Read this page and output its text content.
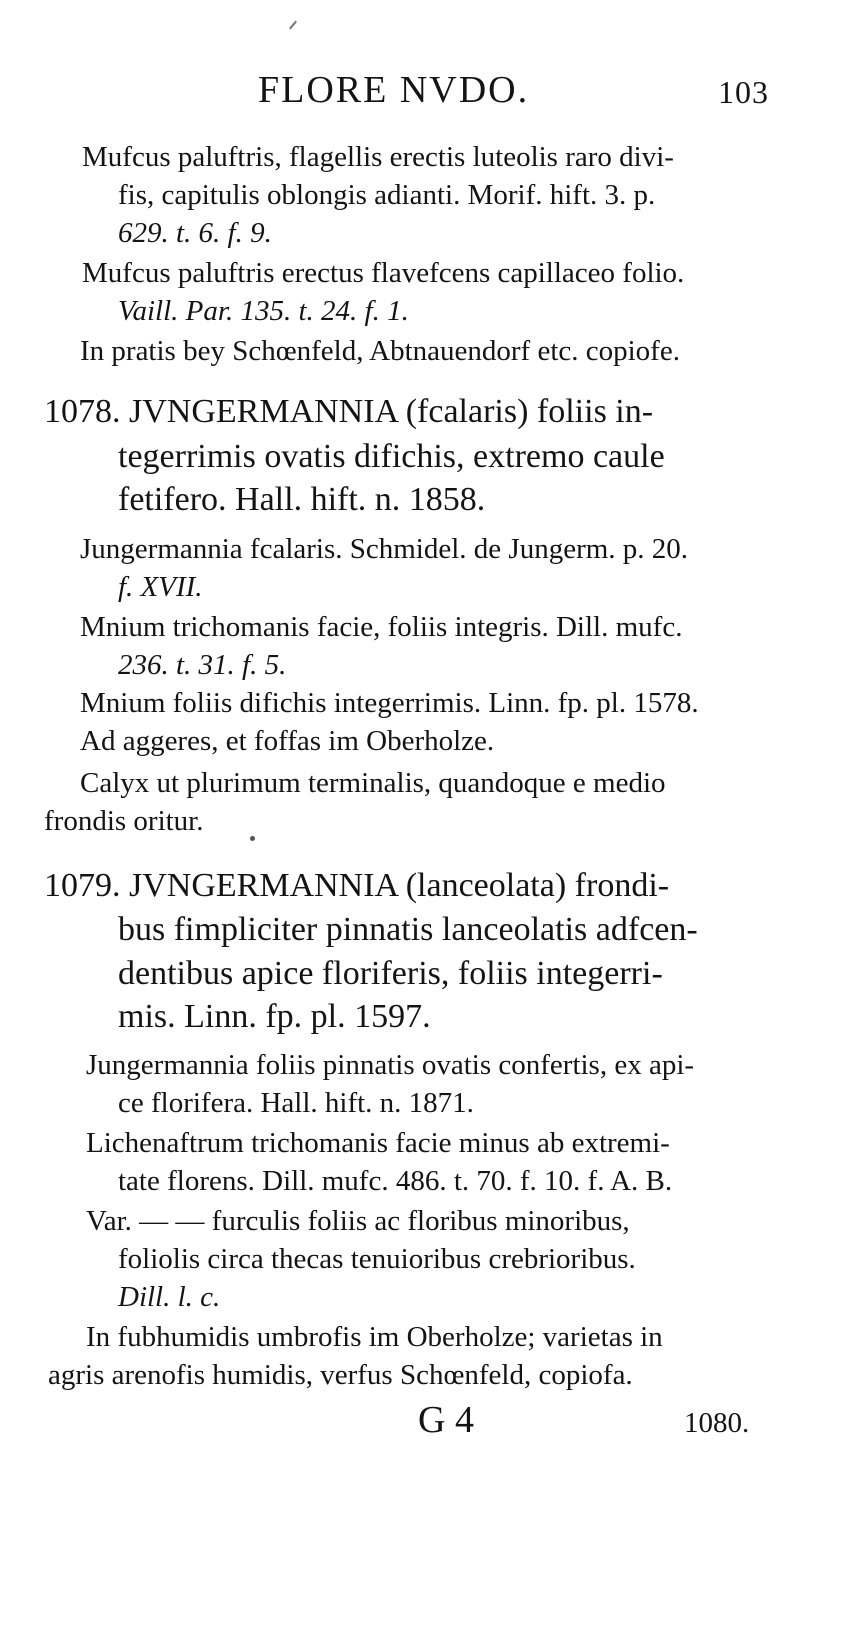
FLORE NVDO.	103
Mufcus paluftris, flagellis erectis luteolis raro divi-
fis, capitulis oblongis adianti. Morif. hift. 3. p.
629. t. 6. f. 9.
Mufcus paluftris erectus flavefcens capillaceo folio.
Vaill. Par. 135. t. 24. f. 1.
In pratis bey Schœnfeld, Abtnauendorf etc. copiofe.
1078. JVNGERMANNIA (fcalaris) foliis in-
tegerrimis ovatis difichis, extremo caule
fetifero. Hall. hift. n. 1858.
Jungermannia fcalaris. Schmidel. de Jungerm. p. 20.
f. XVII.
Mnium trichomanis facie, foliis integris. Dill. mufc.
236. t. 31. f. 5.
Mnium foliis difichis integerrimis. Linn. fp. pl. 1578.
Ad aggeres, et foffas im Oberholze.
Calyx ut plurimum terminalis, quandoque e medio
frondis oritur.
1079. JVNGERMANNIA (lanceolata) frondi-
bus fimpliciter pinnatis lanceolatis adfcen-
dentibus apice floriferis, foliis integerri-
mis. Linn. fp. pl. 1597.
Jungermannia foliis pinnatis ovatis confertis, ex api-
ce florifera. Hall. hift. n. 1871.
Lichenaftrum trichomanis facie minus ab extremi-
tate florens. Dill. mufc. 486. t. 70. f. 10. f. A. B.
Var. — — furculis foliis ac floribus minoribus,
foliolis circa thecas tenuioribus crebrioribus.
Dill. l. c.
In fubhumidis umbrofis im Oberholze; varietas in
agris arenofis humidis, verfus Schœnfeld, copiofa.
G 4	1080.
